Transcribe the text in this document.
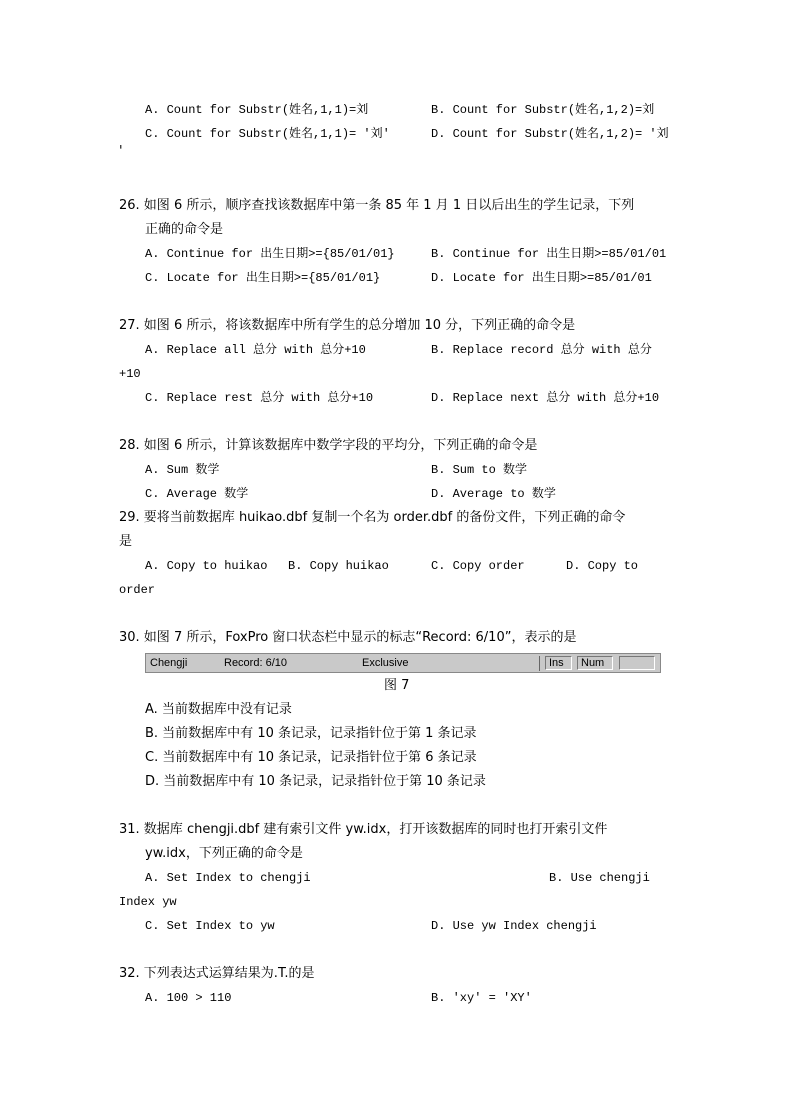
A. Count for Substr(姓名,1,1)=刘	B. Count for Substr(姓名,1,2)=刘
C. Count for Substr(姓名,1,1)= '刘'	D. Count for Substr(姓名,1,2)= '刘
'
26. 如图 6 所示，顺序查找该数据库中第一条 85 年 1 月 1 日以后出生的学生记录，下列
正确的命令是
A. Continue for 出生日期>={85/01/01}	B. Continue for 出生日期>=85/01/01
C. Locate for 出生日期>={85/01/01}	D. Locate for 出生日期>=85/01/01
27. 如图 6 所示，将该数据库中所有学生的总分增加 10 分，下列正确的命令是
A. Replace all 总分 with 总分+10	B. Replace record 总分 with 总分
+10
C. Replace rest 总分 with 总分+10	D. Replace next 总分 with 总分+10
28. 如图 6 所示，计算该数据库中数学字段的平均分，下列正确的命令是
A. Sum 数学	B. Sum to 数学
C. Average 数学	D. Average to 数学
29. 要将当前数据库 huikao.dbf 复制一个名为 order.dbf 的备份文件，下列正确的命令
是
A. Copy to huikao B. Copy huikao	C. Copy order	D. Copy to
order
30. 如图 7 所示，FoxPro 窗口状态栏中显示的标志“Record: 6/10”，表示的是
Chengji	Record: 6/10	Exclusive	Ins	Num
图 7
A. 当前数据库中没有记录
B. 当前数据库中有 10 条记录，记录指针位于第 1 条记录
C. 当前数据库中有 10 条记录，记录指针位于第 6 条记录
D. 当前数据库中有 10 条记录，记录指针位于第 10 条记录
31. 数据库 chengji.dbf 建有索引文件 yw.idx，打开该数据库的同时也打开索引文件
yw.idx，下列正确的命令是
A. Set Index to chengji	B. Use chengji
Index yw
C. Set Index to yw	D. Use yw Index chengji
32. 下列表达式运算结果为.T.的是
A. 100 > 110	B. 'xy' = 'XY'
